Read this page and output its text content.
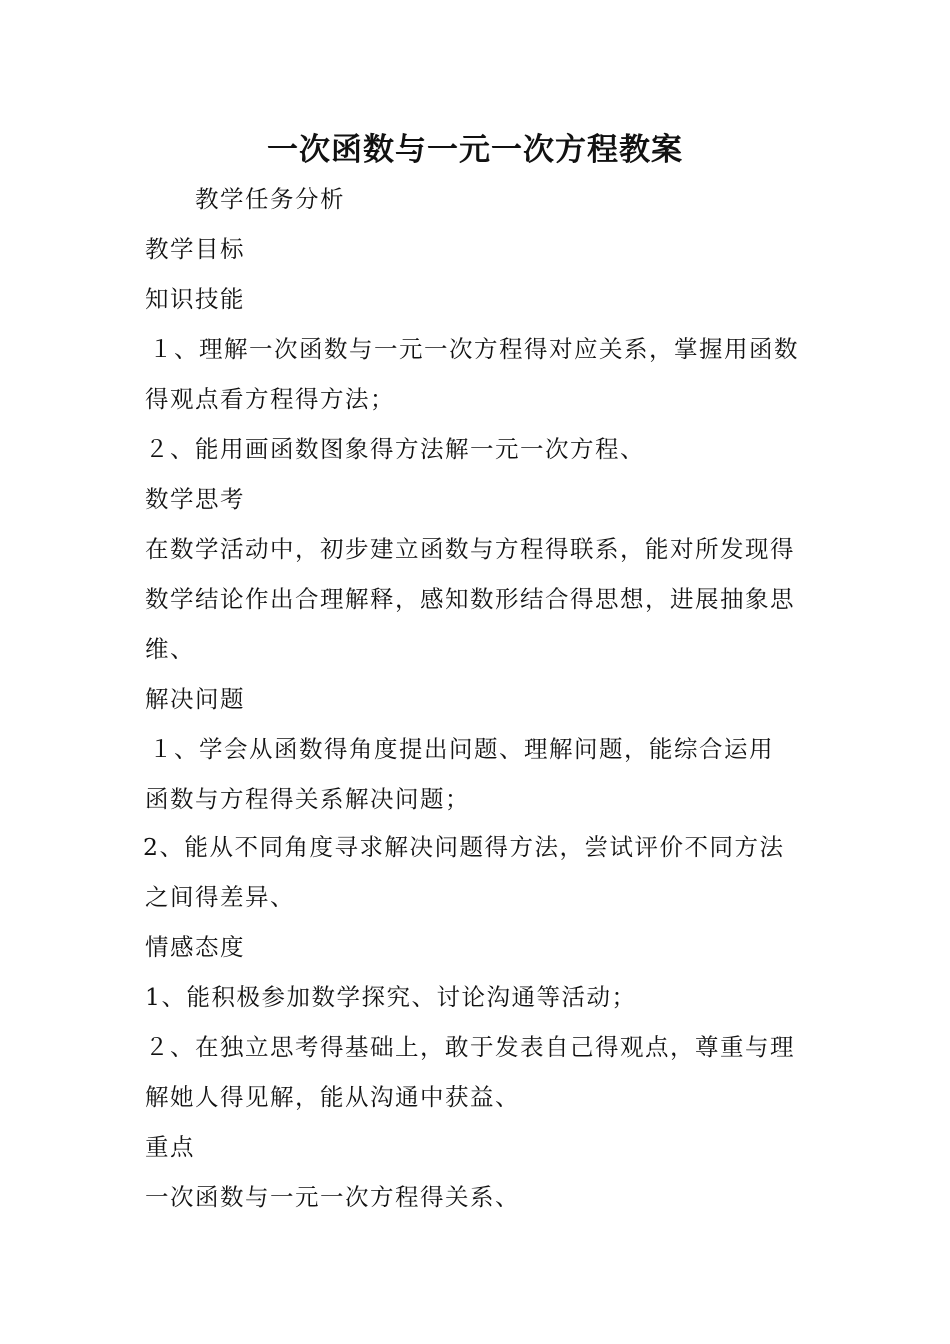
一次函数与一元一次方程教案
教学任务分析
教学目标
知识技能
１、理解一次函数与一元一次方程得对应关系，掌握用函数
得观点看方程得方法；
２、能用画函数图象得方法解一元一次方程、
数学思考
在数学活动中，初步建立函数与方程得联系，能对所发现得
数学结论作出合理解释，感知数形结合得思想，进展抽象思
维、
解决问题
１、学会从函数得角度提出问题、理解问题，能综合运用
函数与方程得关系解决问题；
2、能从不同角度寻求解决问题得方法，尝试评价不同方法
之间得差异、
情感态度
1、能积极参加数学探究、讨论沟通等活动；
２、在独立思考得基础上，敢于发表自己得观点，尊重与理
解她人得见解，能从沟通中获益、
重点
一次函数与一元一次方程得关系、
